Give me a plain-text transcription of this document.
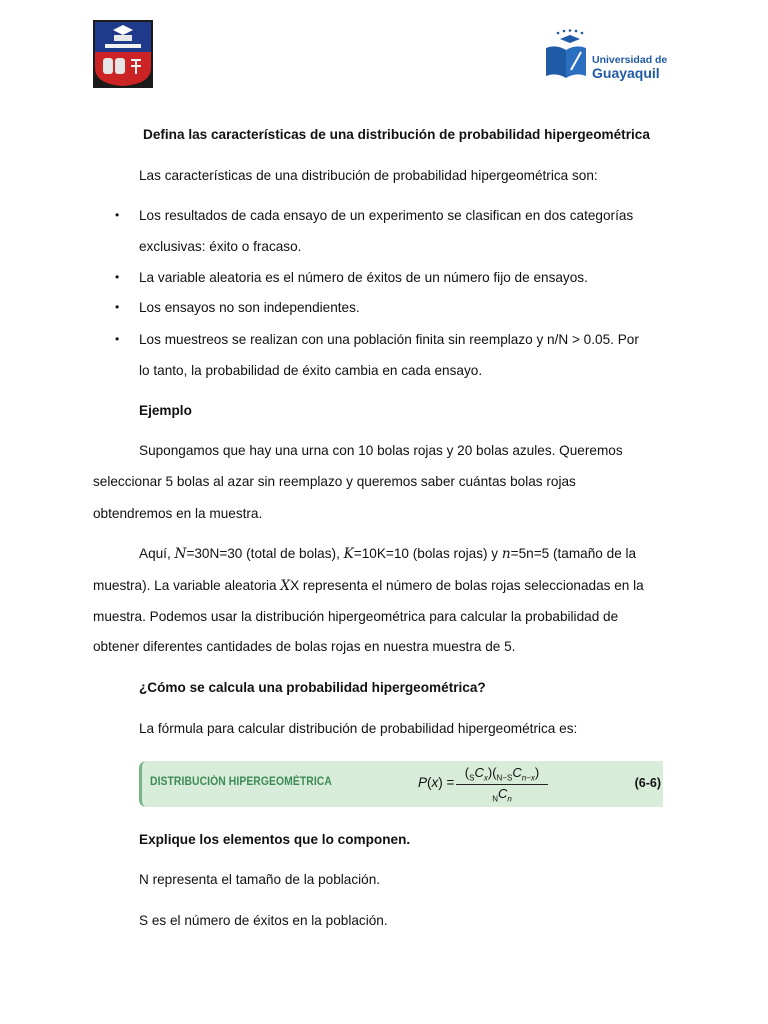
Universidad de
Guayaquil
Defina las características de una distribución de probabilidad hipergeométrica
Las características de una distribución de probabilidad hipergeométrica son:
• Los resultados de cada ensayo de un experimento se clasifican en dos categorías
exclusivas: éxito o fracaso.
• La variable aleatoria es el número de éxitos de un número fijo de ensayos.
• Los ensayos no son independientes.
• Los muestreos se realizan con una población finita sin reemplazo y n/N > 0.05. Por
lo tanto, la probabilidad de éxito cambia en cada ensayo.
Ejemplo
Supongamos que hay una urna con 10 bolas rojas y 20 bolas azules. Queremos
seleccionar 5 bolas al azar sin reemplazo y queremos saber cuántas bolas rojas
obtendremos en la muestra.
Aquí, N=30N=30 (total de bolas), K=10K=10 (bolas rojas) y n=5n=5 (tamaño de la
muestra). La variable aleatoria XX representa el número de bolas rojas seleccionadas en la
muestra. Podemos usar la distribución hipergeométrica para calcular la probabilidad de
obtener diferentes cantidades de bolas rojas en nuestra muestra de 5.
¿Cómo se calcula una probabilidad hipergeométrica?
La fórmula para calcular distribución de probabilidad hipergeométrica es:
DISTRIBUCIÓN HIPERGEOMÉTRICA	P(x) =
$(_SC_x)(_{N-S}C_{n-x})$
$_NC_n$
(6-6)
Explique los elementos que lo componen.
N representa el tamaño de la población.
S es el número de éxitos en la población.
